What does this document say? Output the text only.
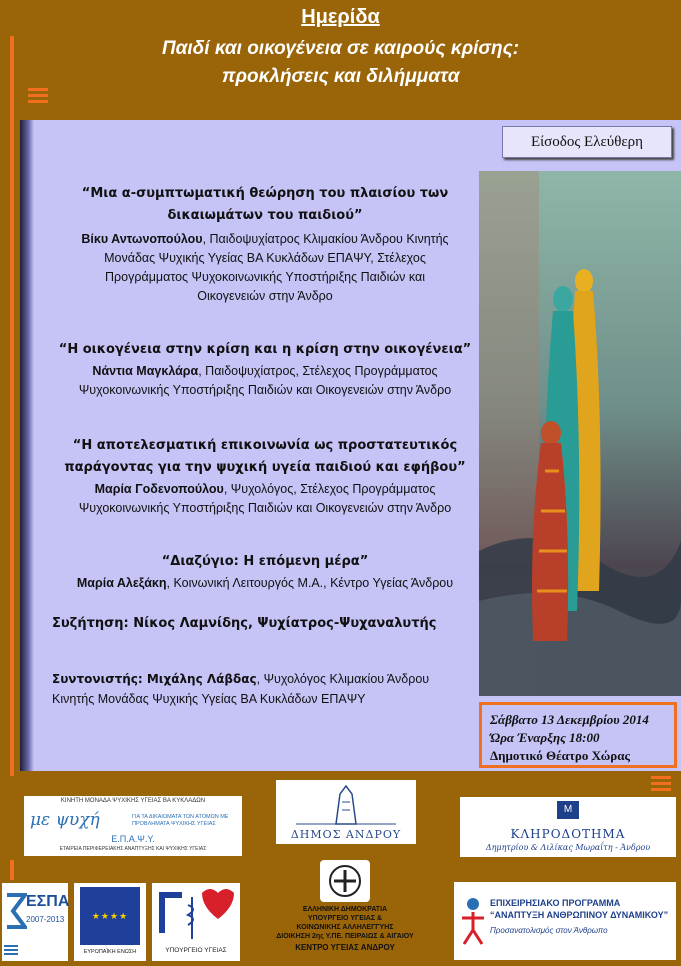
Ημερίδα
Παιδί και οικογένεια σε καιρούς κρίσης:
προκλήσεις και διλήμματα
“Μια α-συμπτωματική θεώρηση του πλαισίου των
δικαιωμάτων του παιδιού”
Βίκυ Αντωνοπούλου, Παιδοψυχίατρος Κλιμακίου Άνδρου Κινητής
Μονάδας Ψυχικής Υγείας ΒΑ Κυκλάδων ΕΠΑΨΥ, Στέλεχος
Προγράμματος Ψυχοκοινωνικής Υποστήριξης Παιδιών και
Οικογενειών στην Άνδρο
“Η οικογένεια στην κρίση και η κρίση στην οικογένεια”
Νάντια Μαγκλάρα, Παιδοψυχίατρος, Στέλεχος Προγράμματος
Ψυχοκοινωνικής Υποστήριξης Παιδιών και Οικογενειών στην Άνδρο
“Η αποτελεσματική επικοινωνία ως προστατευτικός
παράγοντας για την ψυχική υγεία παιδιού και εφήβου”
Μαρία Γοδενοπούλου, Ψυχολόγος, Στέλεχος Προγράμματος
Ψυχοκοινωνικής Υποστήριξης Παιδιών και Οικογενειών στην Άνδρο
“Διαζύγιο: Η επόμενη μέρα”
Μαρία Αλεξάκη, Κοινωνική Λειτουργός Μ.Α., Κέντρο Υγείας Άνδρου
Συζήτηση: Νίκος Λαμνίδης, Ψυχίατρος-Ψυχαναλυτής
Συντονιστής: Μιχάλης Λάβδας, Ψυχολόγος Κλιμακίου Άνδρου
Κινητής Μονάδας Ψυχικής Υγείας ΒΑ Κυκλάδων ΕΠΑΨΥ
Είσοδος Ελεύθερη
Σάββατο 13 Δεκεμβρίου 2014
Ώρα Έναρξης 18:00
Δημοτικό Θέατρο Χώρας
ΚΙΝΗΤΗ ΜΟΝΑΔΑ ΨΥΧΙΚΗΣ ΥΓΕΙΑΣ ΒΑ ΚΥΚΛΑΔΩΝ
με ψυχή	ΓΙΑ ΤΑ ΔΙΚΑΙΩΜΑΤΑ ΤΩΝ ΑΤΟΜΩΝ ΜΕ ΠΡΟΒΛΗΜΑΤΑ ΨΥΧΙΚΗΣ ΥΓΕΙΑΣ
Ε.Π.Α.Ψ.Υ.
ΕΤΑΙΡΕΙΑ ΠΕΡΙΦΕΡΕΙΑΚΗΣ ΑΝΑΠΤΥΞΗΣ ΚΑΙ ΨΥΧΙΚΗΣ ΥΓΕΙΑΣ
ΔΗΜΟΣ ΑΝΔΡΟΥ
M
ΚΛΗΡΟΔΟΤΗΜΑ
Δημητρίου & Λιλίκας Μωραΐτη - Άνδρου
ΕΣΠΑ
2007-2013	★★★★
ΕΥΡΩΠΑΪΚΗ ΕΝΩΣΗ	ΥΠΟΥΡΓΕΙΟ ΥΓΕΙΑΣ
ΕΛΛΗΝΙΚΗ ΔΗΜΟΚΡΑΤΙΑ
ΥΠΟΥΡΓΕΙΟ ΥΓΕΙΑΣ &
ΚΟΙΝΩΝΙΚΗΣ ΑΛΛΗΛΕΓΓΥΗΣ
ΔΙΟΙΚΗΣΗ 2ης Υ.ΠΕ. ΠΕΙΡΑΙΩΣ & ΑΙΓΑΙΟΥ
ΚΕΝΤΡΟ ΥΓΕΙΑΣ ΑΝΔΡΟΥ
ΕΠΙΧΕΙΡΗΣΙΑΚΟ ΠΡΟΓΡΑΜΜΑ
“ΑΝΑΠΤΥΞΗ ΑΝΘΡΩΠΙΝΟΥ ΔΥΝΑΜΙΚΟΥ”
Προσανατολισμός στον Άνθρωπο
